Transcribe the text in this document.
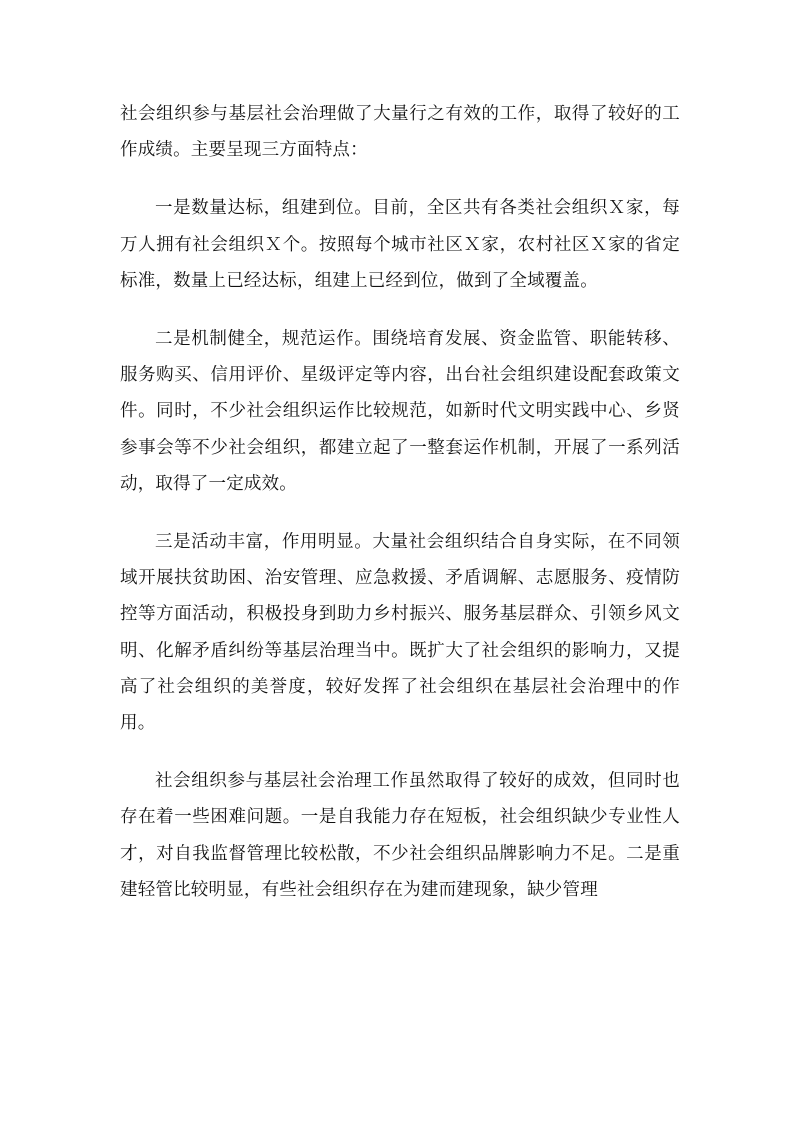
社会组织参与基层社会治理做了大量行之有效的工作，取得了较好的工作成绩。主要呈现三方面特点：

一是数量达标，组建到位。目前，全区共有各类社会组织Ｘ家，每万人拥有社会组织Ｘ个。按照每个城市社区Ｘ家，农村社区Ｘ家的省定标准，数量上已经达标，组建上已经到位，做到了全域覆盖。

二是机制健全，规范运作。围绕培育发展、资金监管、职能转移、服务购买、信用评价、星级评定等内容，出台社会组织建设配套政策文件。同时，不少社会组织运作比较规范，如新时代文明实践中心、乡贤参事会等不少社会组织，都建立起了一整套运作机制，开展了一系列活动，取得了一定成效。

三是活动丰富，作用明显。大量社会组织结合自身实际，在不同领域开展扶贫助困、治安管理、应急救援、矛盾调解、志愿服务、疫情防控等方面活动，积极投身到助力乡村振兴、服务基层群众、引领乡风文明、化解矛盾纠纷等基层治理当中。既扩大了社会组织的影响力，又提高了社会组织的美誉度，较好发挥了社会组织在基层社会治理中的作用。

社会组织参与基层社会治理工作虽然取得了较好的成效，但同时也存在着一些困难问题。一是自我能力存在短板，社会组织缺少专业性人才，对自我监督管理比较松散，不少社会组织品牌影响力不足。二是重建轻管比较明显，有些社会组织存在为建而建现象，缺少管理
